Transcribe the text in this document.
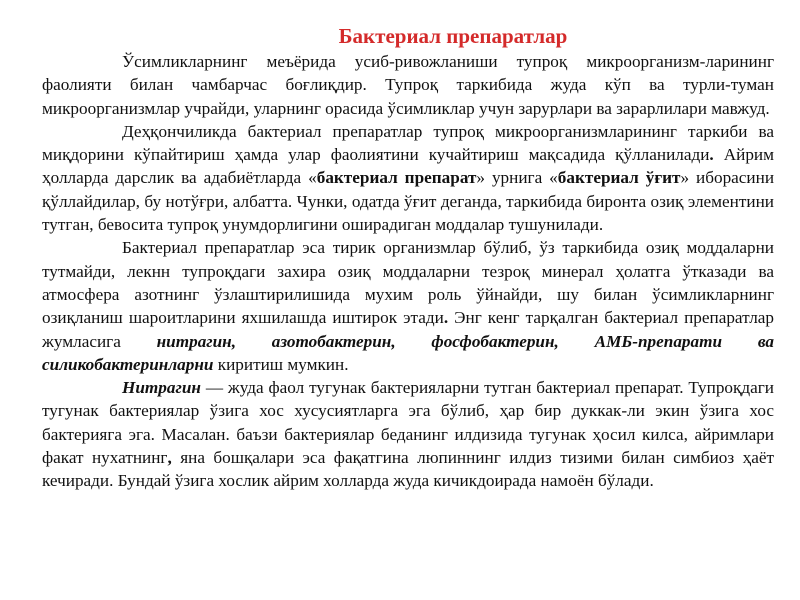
Бактериал препаратлар

Ўсимликларнинг меъёрида усиб-ривожланиши тупроқ микроорганизм-ларининг фаолияти билан чамбарчас боғлиқдир. Тупроқ таркибида жуда кўп ва турли-туман микроорганизмлар учрайди, уларнинг орасида ўсимликлар учун зарурлари ва зарарлилари мавжуд.

Деҳқончиликда бактериал препаратлар тупроқ микроорганизмларининг таркиби ва миқдорини кўпайтириш ҳамда улар фаолиятини кучайтириш мақсадида қўлланилади. Айрим ҳолларда дарслик ва адабиётларда «бактериал препарат» урнига «бактериал ўғит» иборасини қўллайдилар, бу нотўғри, албатта. Чунки, одатда ўғит деганда, таркибида биронта озиқ элементини тутган, бевосита тупроқ унумдорлигини оширадиган моддалар тушунилади.

Бактериал препаратлар эса тирик организмлар бўлиб, ўз таркибида озиқ моддаларни тутмайди, лекнн тупроқдаги захира озиқ моддаларни тезроқ минерал ҳолатга ўтказади ва атмосфера азотнинг ўзлаштирилишида мухим роль ўйнайди, шу билан ўсимликларнинг озиқланиш шароитларини яхшилашда иштирок этади. Энг кенг тарқалган бактериал препаратлар жумласига нитрагин, азотобактерин, фосфобактерин, АМБ-препарати ва силикобактеринларни киритиш мумкин.

Нитрагин — жуда фаол тугунак бактерияларни тутган бактериал препарат. Тупроқдаги тугунак бактериялар ўзига хос хусусиятларга эга бўлиб, ҳар бир дуккак-ли экин ўзига хос бактерияга эга. Масалан. баъзи бактериялар беданинг илдизида тугунак ҳосил килса, айримлари факат нухатнинг, яна бошқалари эса фақатгина люпиннинг илдиз тизими билан симбиоз ҳаёт кечиради. Бундай ўзига хослик айрим холларда жуда кичикдоирада намоён бўлади.
